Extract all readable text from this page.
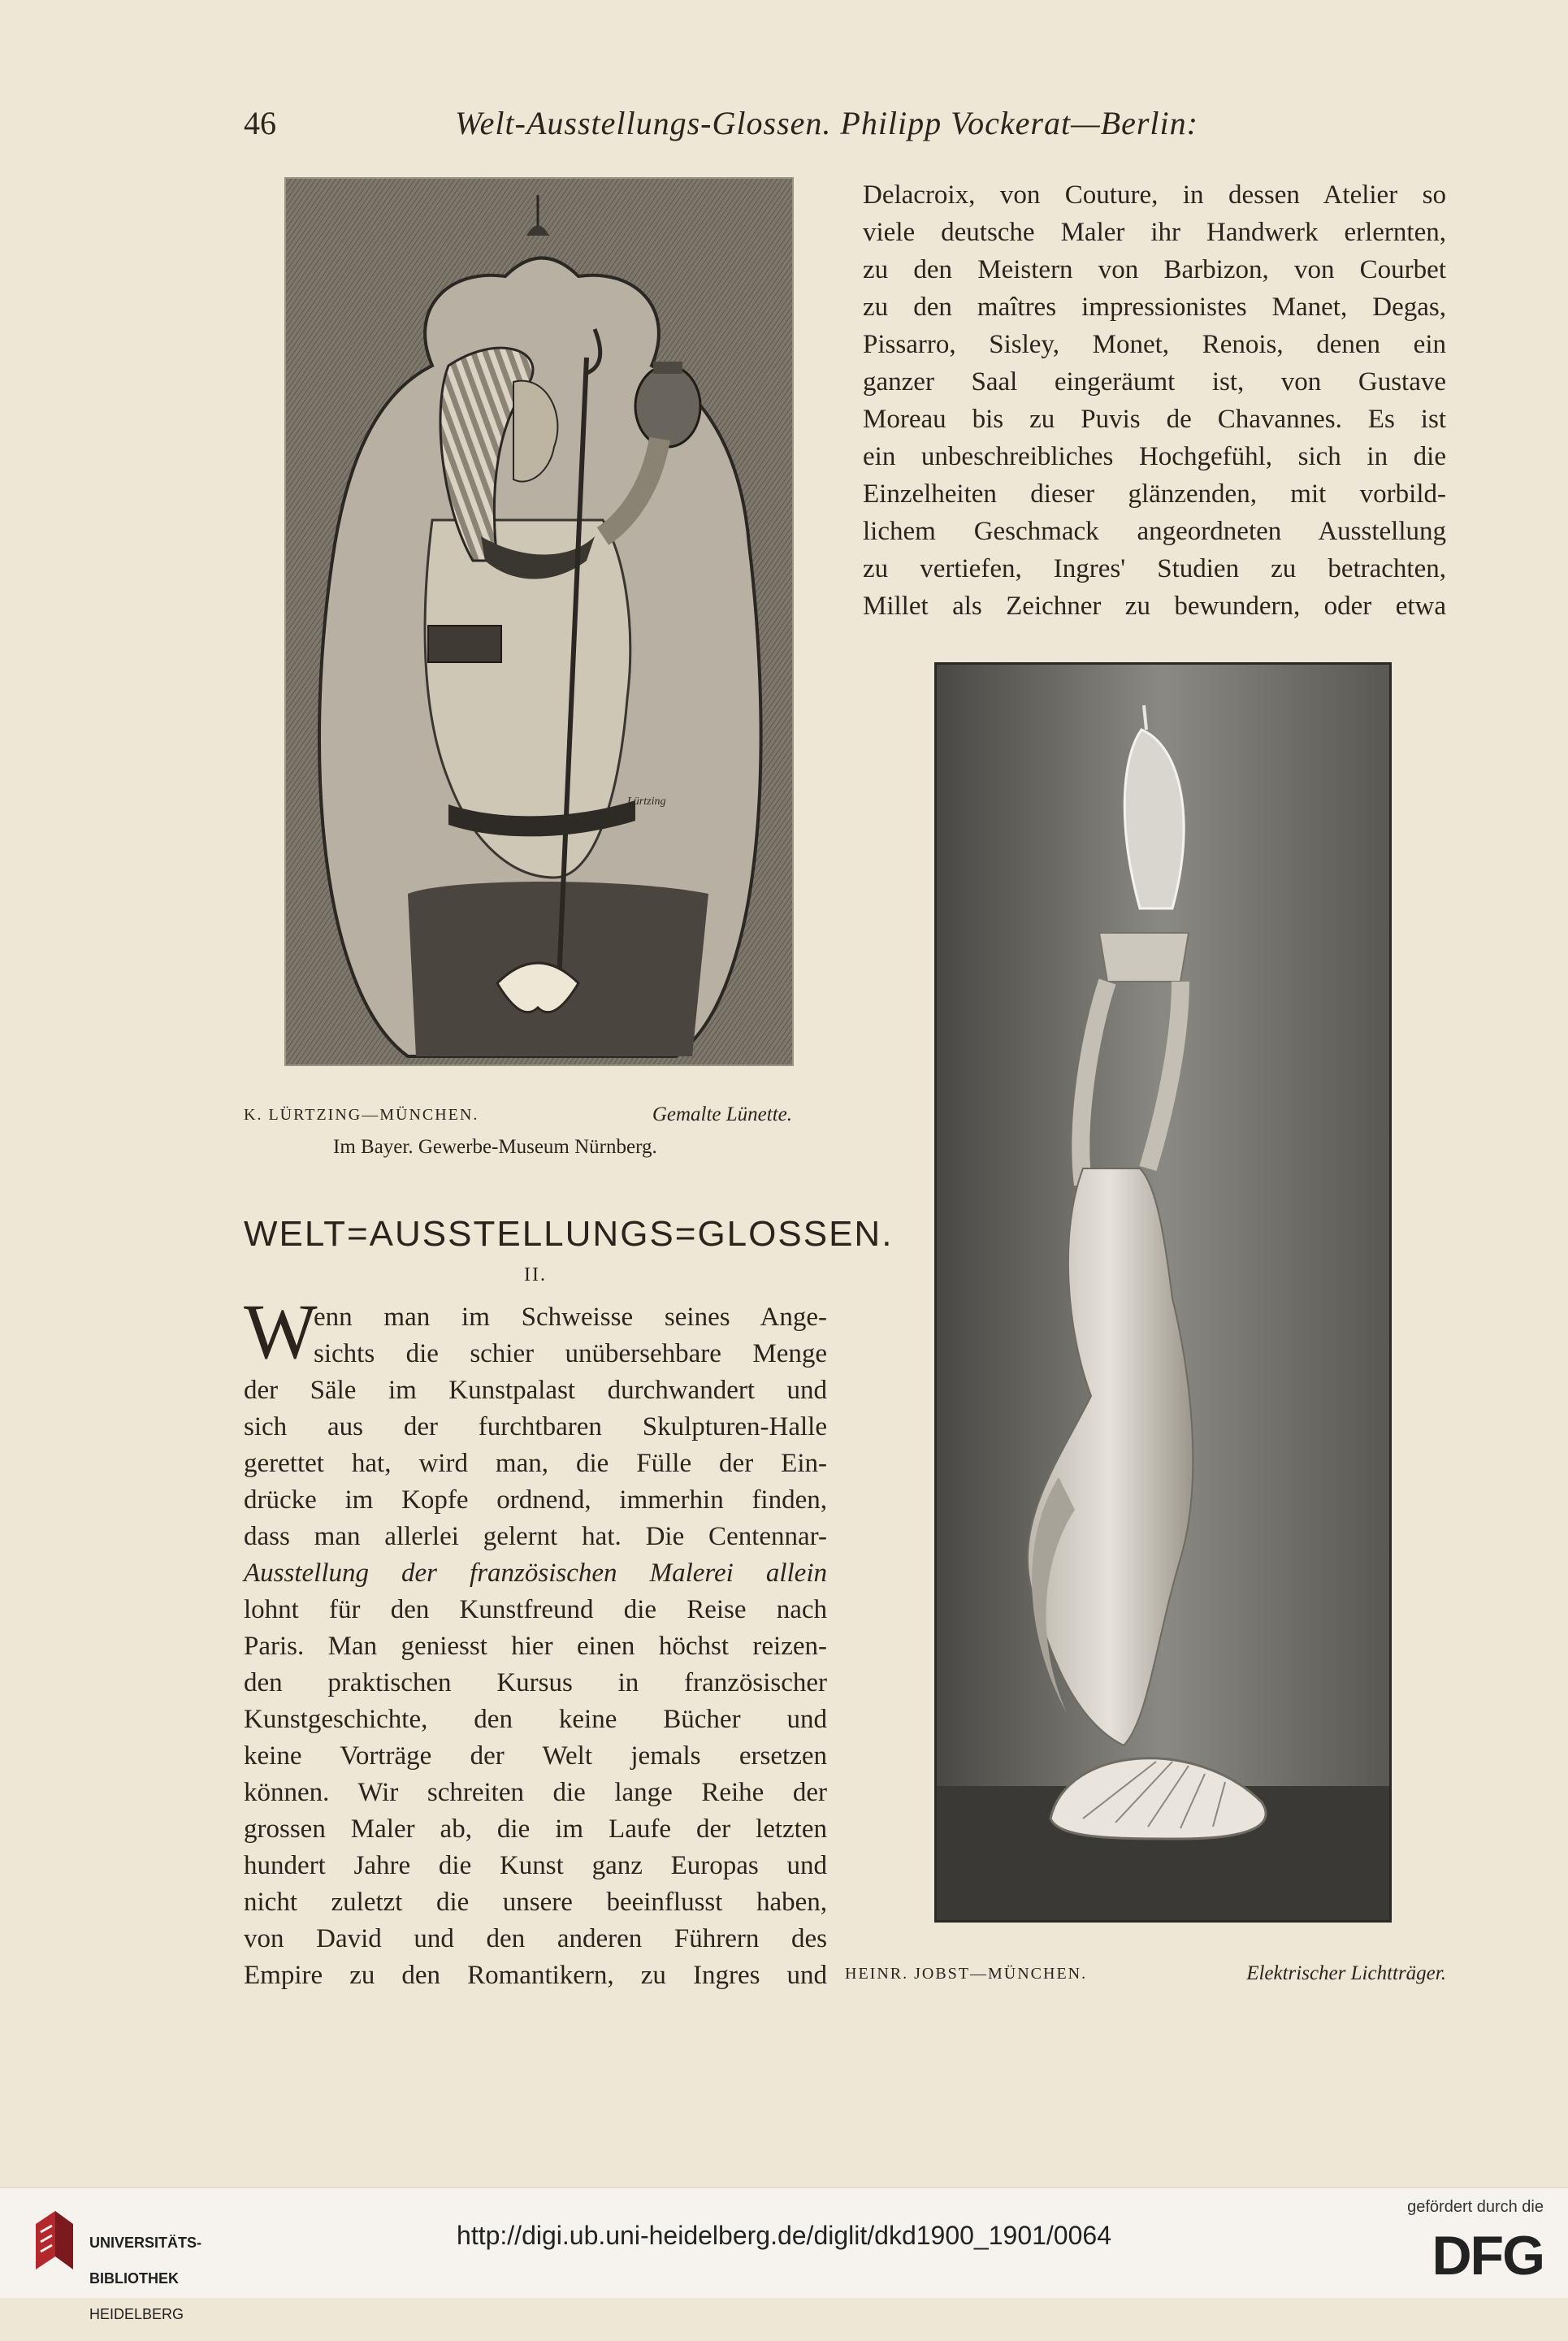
46	Welt-Ausstellungs-Glossen. Philipp Vockerat—Berlin:
Lürtzing
K. LÜRTZING—MÜNCHEN.	Gemalte Lünette.
Im Bayer. Gewerbe-Museum Nürnberg.
HEINR. JOBST—MÜNCHEN.	Elektrischer Lichtträger.
Delacroix, von Couture, in dessen Atelier so
viele deutsche Maler ihr Handwerk erlernten,
zu den Meistern von Barbizon, von Courbet
zu den maîtres impressionistes Manet, Degas,
Pissarro, Sisley, Monet, Renois, denen ein
ganzer Saal eingeräumt ist, von Gustave
Moreau bis zu Puvis de Chavannes. Es ist
ein unbeschreibliches Hochgefühl, sich in die
Einzelheiten dieser glänzenden, mit vorbild-
lichem Geschmack angeordneten Ausstellung
zu vertiefen, Ingres' Studien zu betrachten,
Millet als Zeichner zu bewundern, oder etwa
WELT=AUSSTELLUNGS=GLOSSEN.
II.
W
enn man im Schweisse seines Ange-
sichts die schier unübersehbare Menge
der Säle im Kunstpalast durchwandert und
sich aus der furchtbaren Skulpturen-Halle
gerettet hat, wird man, die Fülle der Ein-
drücke im Kopfe ordnend, immerhin finden,
dass man allerlei gelernt hat. Die Centennar-
Ausstellung der französischen Malerei allein
lohnt für den Kunstfreund die Reise nach
Paris. Man geniesst hier einen höchst reizen-
den praktischen Kursus in französischer
Kunstgeschichte, den keine Bücher und
keine Vorträge der Welt jemals ersetzen
können. Wir schreiten die lange Reihe der
grossen Maler ab, die im Laufe der letzten
hundert Jahre die Kunst ganz Europas und
nicht zuletzt die unsere beeinflusst haben,
von David und den anderen Führern des
Empire zu den Romantikern, zu Ingres und

UNIVERSITÄTS-

BIBLIOTHEK

HEIDELBERG

http://digi.ub.uni-heidelberg.de/diglit/dkd1900_1901/0064
gefördert durch die
DFG
